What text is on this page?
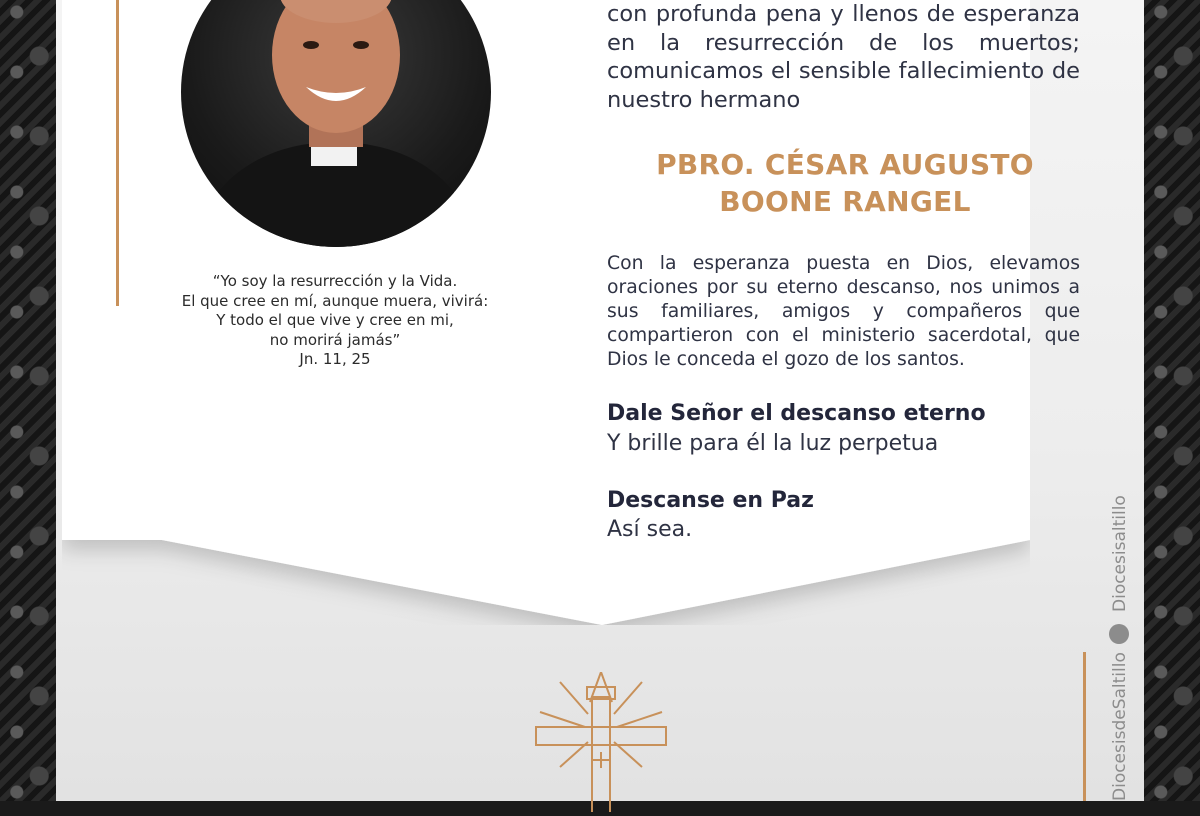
“Yo soy la resurrección y la Vida.
El que cree en mí, aunque muera, vivirá:
Y todo el que vive y cree en mi,
no morirá jamás”
Jn. 11, 25
con profunda pena y llenos de esperanza en la resurrección de los muertos; comunicamos el sensible fallecimiento de nuestro hermano
PBRO. CÉSAR AUGUSTO
BOONE RANGEL
Con la esperanza puesta en Dios, elevamos oraciones por su eterno descanso, nos unimos a sus familiares, amigos y compañeros que compartieron con el ministerio sacerdotal, que Dios le conceda el gozo de los santos.
Dale Señor el descanso eterno
Y brille para él la luz perpetua
Descanse en Paz
Así sea.	Diocesisaltillo
DiocesisdeSaltillo
